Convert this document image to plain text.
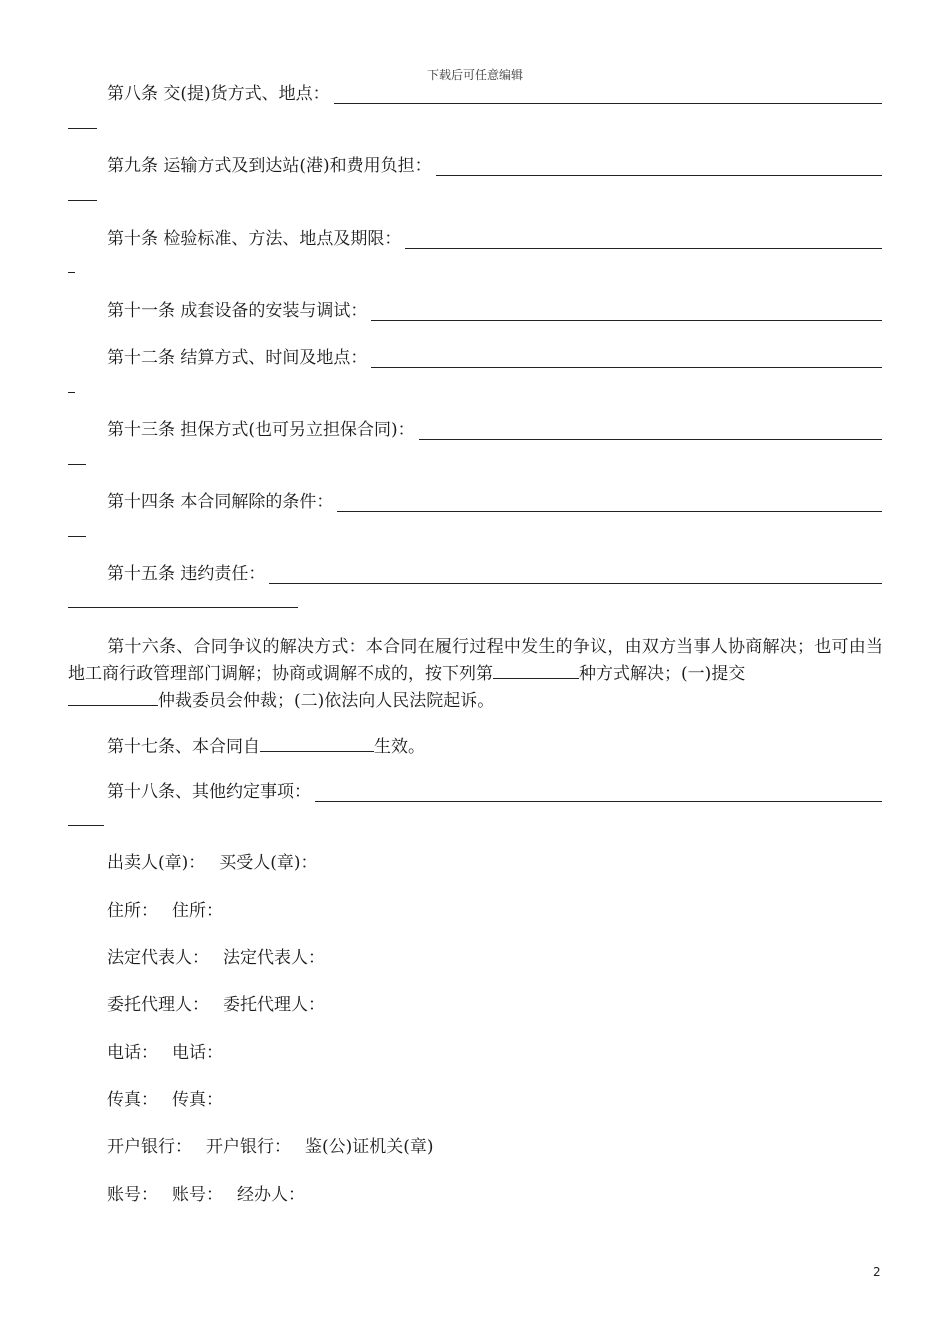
下载后可任意编辑
第八条 交(提)货方式、地点：
第九条 运输方式及到达站(港)和费用负担：
第十条 检验标准、方法、地点及期限：
第十一条 成套设备的安装与调试：
第十二条 结算方式、时间及地点：
第十三条 担保方式(也可另立担保合同)：
第十四条 本合同解除的条件：
第十五条 违约责任：
第十六条、合同争议的解决方式：本合同在履行过程中发生的争议，由双方当事人协商解决；也可由当地工商行政管理部门调解；协商或调解不成的，按下列第	种方式解决；(一)提交
仲裁委员会仲裁；(二)依法向人民法院起诉。
第十七条、本合同自	生效。
第十八条、其他约定事项：
出卖人(章)： 买受人(章)：
住所： 住所：
法定代表人： 法定代表人：
委托代理人： 委托代理人：
电话： 电话：
传真： 传真：
开户银行： 开户银行： 鉴(公)证机关(章)
账号： 账号： 经办人：
2
